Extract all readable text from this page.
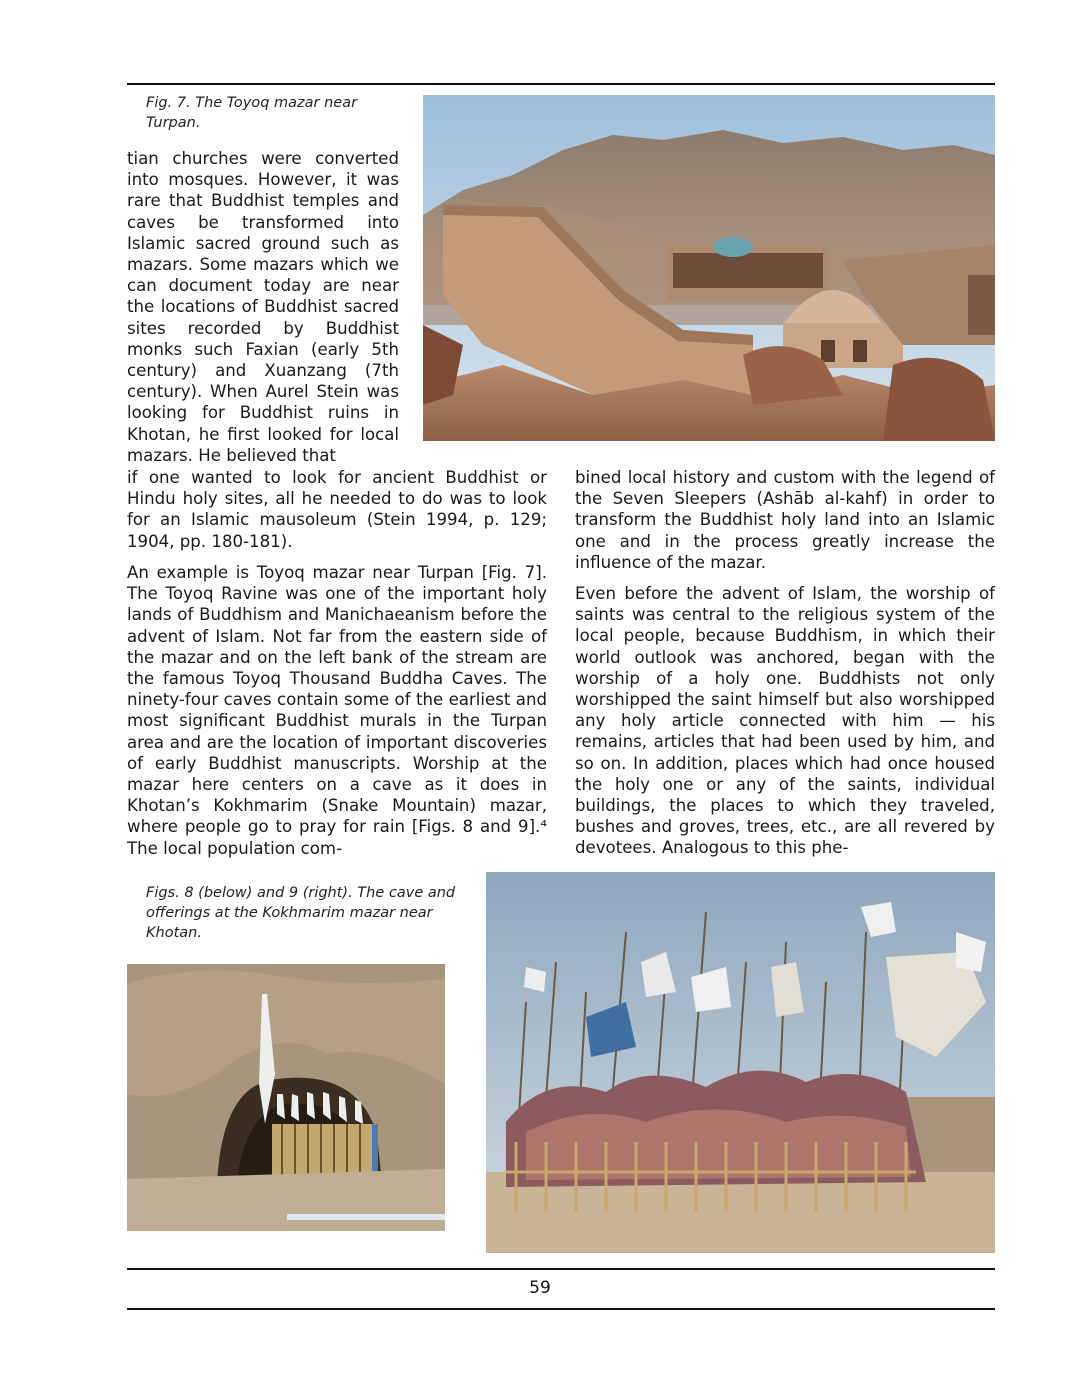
Fig. 7. The Toyoq mazar near Turpan.

tian churches were converted into mosques. However, it was rare that Buddhist temples and caves be transformed into Islamic sacred ground such as mazars. Some mazars which we can document today are near the locations of Buddhist sacred sites recorded by Buddhist monks such Faxian (early 5th century) and Xuanzang (7th century). When Aurel Stein was looking for Buddhist ruins in Khotan, he first looked for local mazars. He believed that

if one wanted to look for ancient Buddhist or Hindu holy sites, all he needed to do was to look for an Islamic mausoleum (Stein 1994, p. 129; 1904, pp. 180-181).

An example is Toyoq mazar near Turpan [Fig. 7]. The Toyoq Ravine was one of the important holy lands of Buddhism and Manichaeanism before the advent of Islam. Not far from the eastern side of the mazar and on the left bank of the stream are the famous Toyoq Thousand Buddha Caves. The ninety-four caves contain some of the earliest and most significant Buddhist murals in the Turpan area and are the location of important discoveries of early Buddhist manuscripts. Worship at the mazar here centers on a cave as it does in Khotan’s Kokhmarim (Snake Mountain) mazar, where people go to pray for rain [Figs. 8 and 9].⁴ The local population com-

bined local history and custom with the legend of the Seven Sleepers (Ashāb al-kahf) in order to transform the Buddhist holy land into an Islamic one and in the process greatly increase the influence of the mazar.

Even before the advent of Islam, the worship of saints was central to the religious system of the local people, because Buddhism, in which their world outlook was anchored, began with the worship of a holy one. Buddhists not only worshipped the saint himself but also worshipped any holy article connected with him — his remains, articles that had been used by him, and so on. In addition, places which had once housed the holy one or any of the saints, individual buildings, the places to which they traveled, bushes and groves, trees, etc., are all revered by devotees. Analogous to this phe-

Figs. 8 (below) and 9 (right). The cave and offerings at the Kokhmarim mazar near Khotan.

59
